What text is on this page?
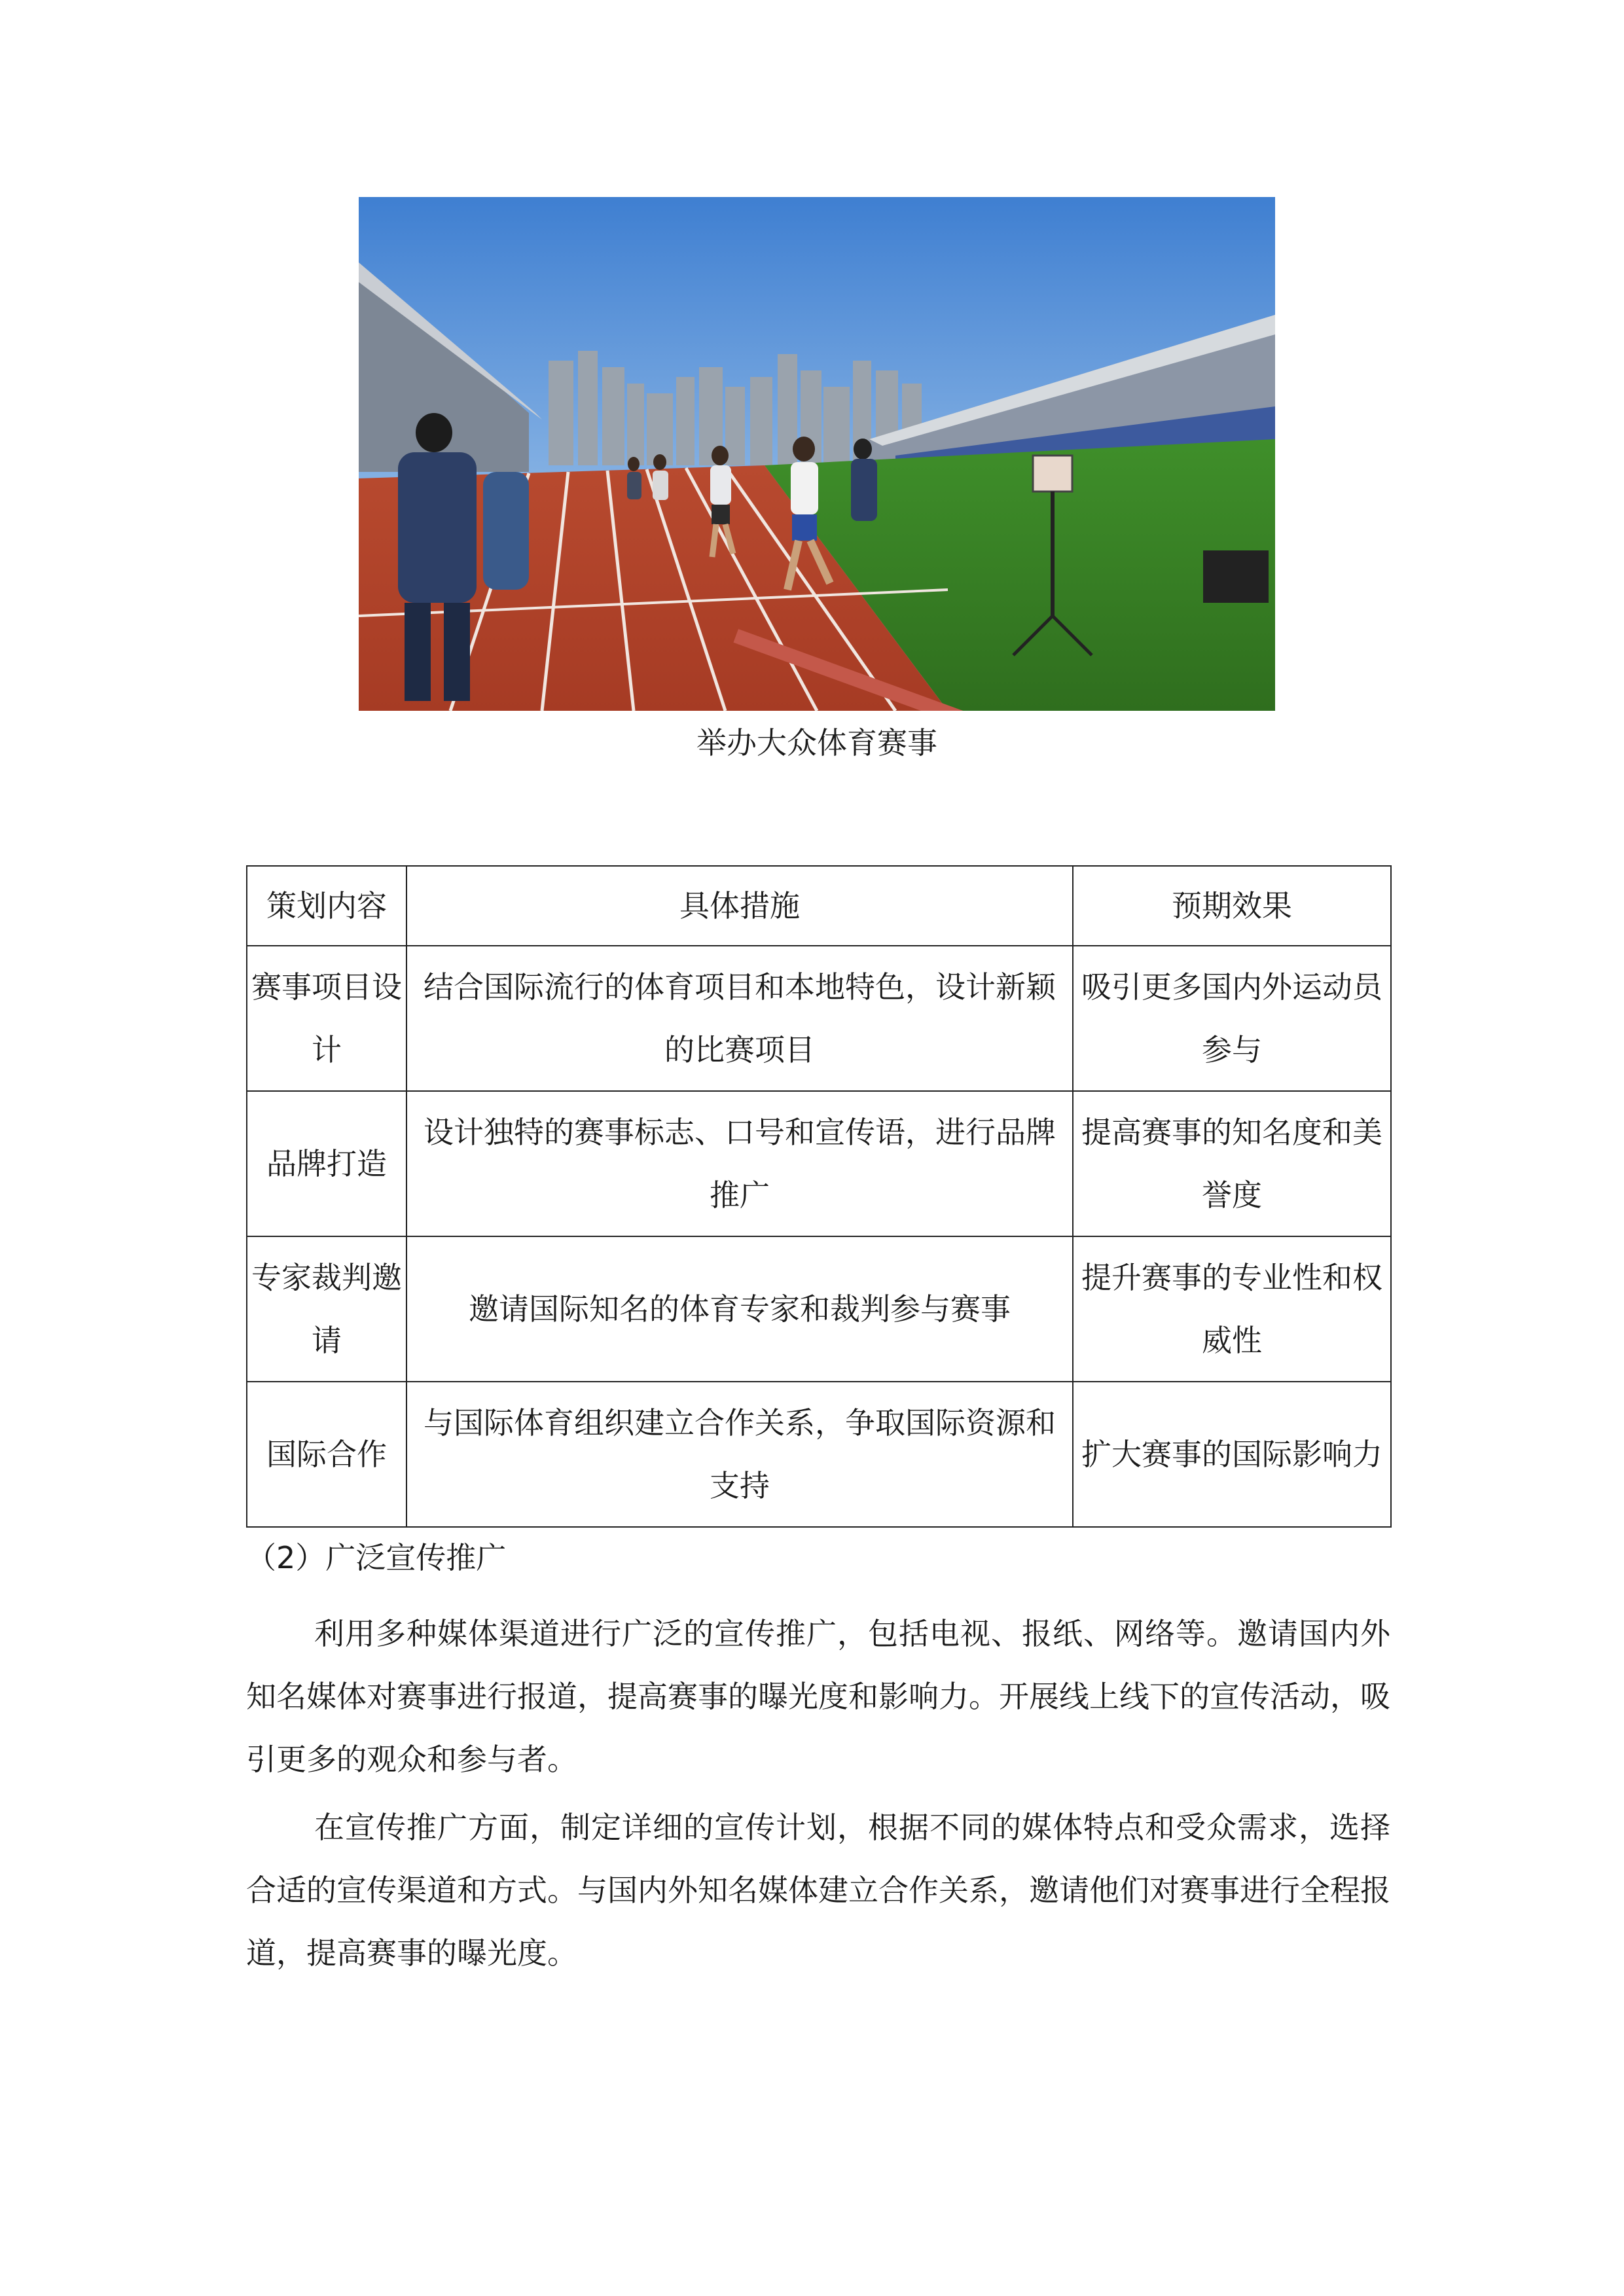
举办大众体育赛事
策划内容	具体措施	预期效果
赛事项目设计	结合国际流行的体育项目和本地特色，设计新颖的比赛项目	吸引更多国内外运动员参与
品牌打造	设计独特的赛事标志、口号和宣传语，进行品牌推广	提高赛事的知名度和美誉度
专家裁判邀请	邀请国际知名的体育专家和裁判参与赛事	提升赛事的专业性和权威性
国际合作	与国际体育组织建立合作关系，争取国际资源和支持	扩大赛事的国际影响力
（2）广泛宣传推广

利用多种媒体渠道进行广泛的宣传推广，包括电视、报纸、网络等。邀请国内外知名媒体对赛事进行报道，提高赛事的曝光度和影响力。开展线上线下的宣传活动，吸引更多的观众和参与者。

在宣传推广方面，制定详细的宣传计划，根据不同的媒体特点和受众需求，选择合适的宣传渠道和方式。与国内外知名媒体建立合作关系，邀请他们对赛事进行全程报道，提高赛事的曝光度。
